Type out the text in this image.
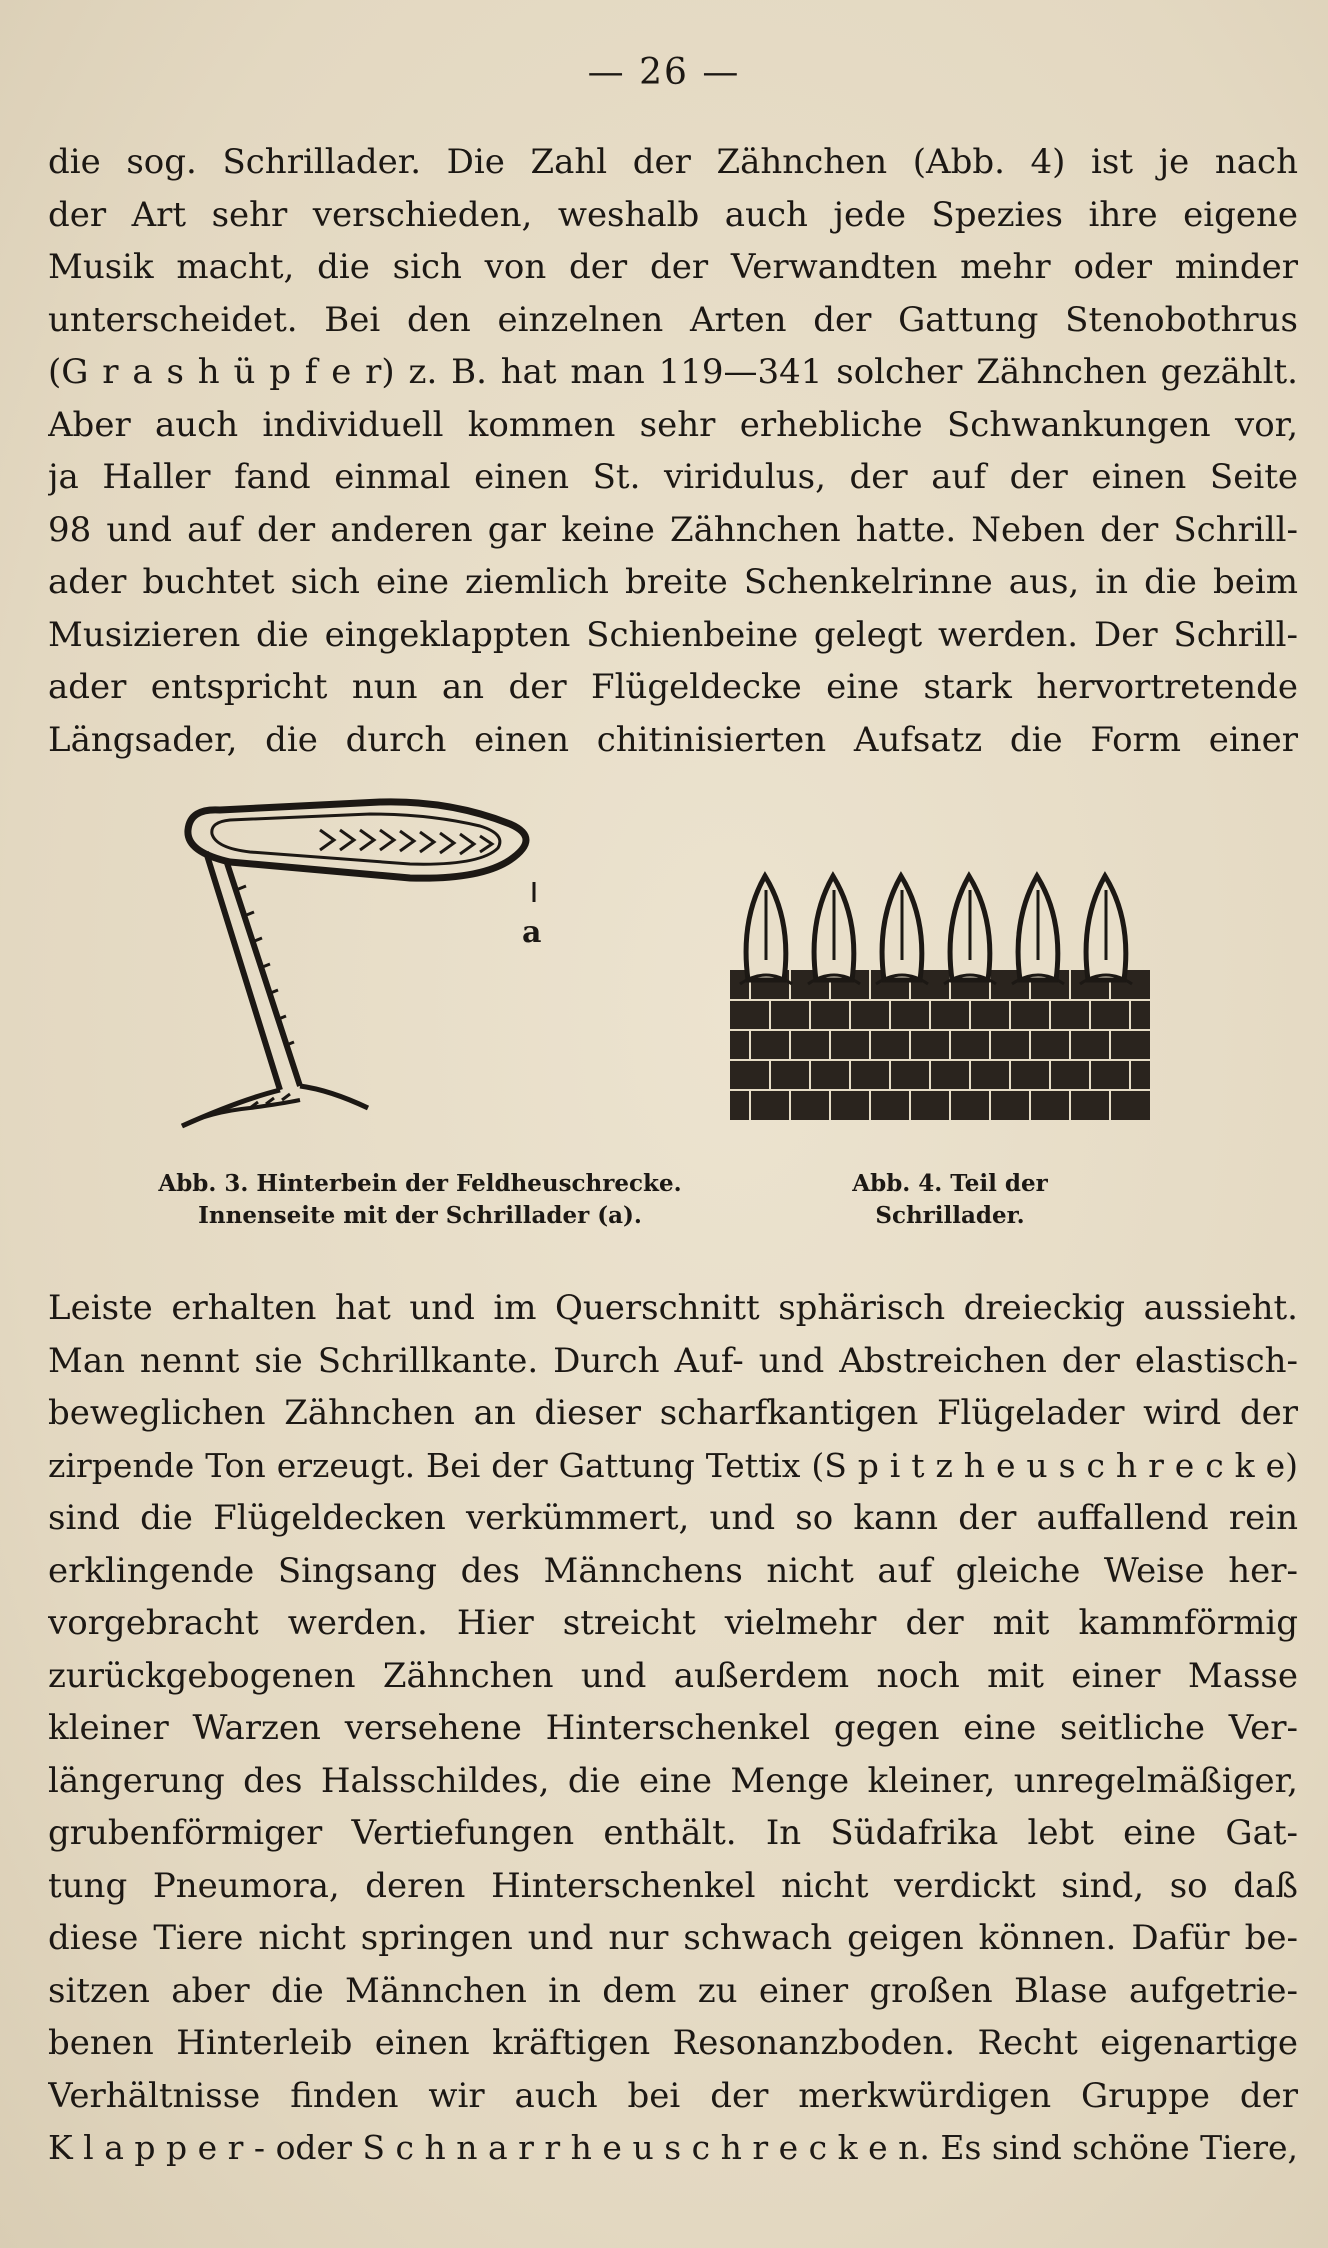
— 26 —
die sog. Schrillader. Die Zahl der Zähnchen (Abb. 4) ist je nach
der Art sehr verschieden, weshalb auch jede Spezies ihre eigene
Musik macht, die sich von der der Verwandten mehr oder minder
unterscheidet. Bei den einzelnen Arten der Gattung Stenobothrus
(G r a s h ü p f e r) z. B. hat man 119—341 solcher Zähnchen gezählt.
Aber auch individuell kommen sehr erhebliche Schwankungen vor,
ja Haller fand einmal einen St. viridulus, der auf der einen Seite
98 und auf der anderen gar keine Zähnchen hatte. Neben der Schrill-
ader buchtet sich eine ziemlich breite Schenkelrinne aus, in die beim
Musizieren die eingeklappten Schienbeine gelegt werden. Der Schrill-
ader entspricht nun an der Flügeldecke eine stark hervortretende
Längsader, die durch einen chitinisierten Aufsatz die Form einer
a
Abb. 3. Hinterbein der Feldheuschrecke.
Innenseite mit der Schrillader (a).
Abb. 4. Teil der
Schrillader.
Leiste erhalten hat und im Querschnitt sphärisch dreieckig aussieht.
Man nennt sie Schrillkante. Durch Auf- und Abstreichen der elastisch-
beweglichen Zähnchen an dieser scharfkantigen Flügelader wird der
zirpende Ton erzeugt. Bei der Gattung Tettix (S p i t z h e u s c h r e c k e)
sind die Flügeldecken verkümmert, und so kann der auffallend rein
erklingende Singsang des Männchens nicht auf gleiche Weise her-
vorgebracht werden. Hier streicht vielmehr der mit kammförmig
zurückgebogenen Zähnchen und außerdem noch mit einer Masse
kleiner Warzen versehene Hinterschenkel gegen eine seitliche Ver-
längerung des Halsschildes, die eine Menge kleiner, unregelmäßiger,
grubenförmiger Vertiefungen enthält. In Südafrika lebt eine Gat-
tung Pneumora, deren Hinterschenkel nicht verdickt sind, so daß
diese Tiere nicht springen und nur schwach geigen können. Dafür be-
sitzen aber die Männchen in dem zu einer großen Blase aufgetrie-
benen Hinterleib einen kräftigen Resonanzboden. Recht eigenartige
Verhältnisse finden wir auch bei der merkwürdigen Gruppe der
K l a p p e r - oder S c h n a r r h e u s c h r e c k e n. Es sind schöne Tiere,
